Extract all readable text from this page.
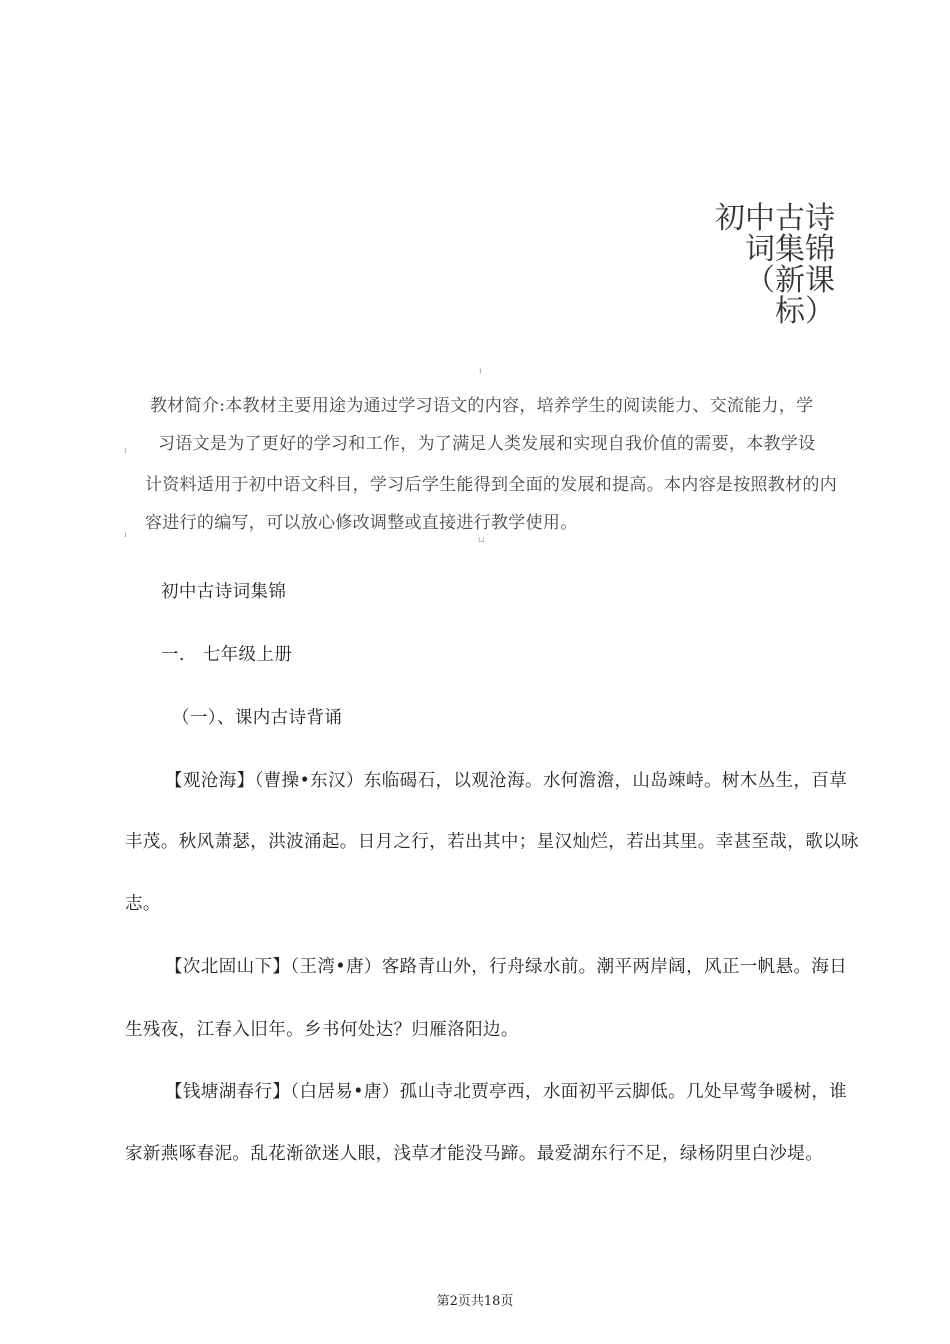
初中古诗
词集锦
（新课
标）
ı
ı
ı
⊔
教材简介:本教材主要用途为通过学习语文的内容，培养学生的阅读能力、交流能力，学
习语文是为了更好的学习和工作，为了满足人类发展和实现自我价值的需要，本教学设
计资料适用于初中语文科目，学习后学生能得到全面的发展和提高。本内容是按照教材的内
容进行的编写，可以放心修改调整或直接进行教学使用。
初中古诗词集锦
一.　七年级上册
（一）、课内古诗背诵
【观沧海】（曹操•东汉）东临碣石，以观沧海。水何澹澹，山岛竦峙。树木丛生，百草
丰茂。秋风萧瑟，洪波涌起。日月之行，若出其中；星汉灿烂，若出其里。幸甚至哉，歌以咏
志。
【次北固山下】（王湾•唐）客路青山外，行舟绿水前。潮平两岸阔，风正一帆悬。海日
生残夜，江春入旧年。乡书何处达？归雁洛阳边。
【钱塘湖春行】（白居易•唐）孤山寺北贾亭西，水面初平云脚低。几处早莺争暖树，谁
家新燕啄春泥。乱花渐欲迷人眼，浅草才能没马蹄。最爱湖东行不足，绿杨阴里白沙堤。
第2页共18页
